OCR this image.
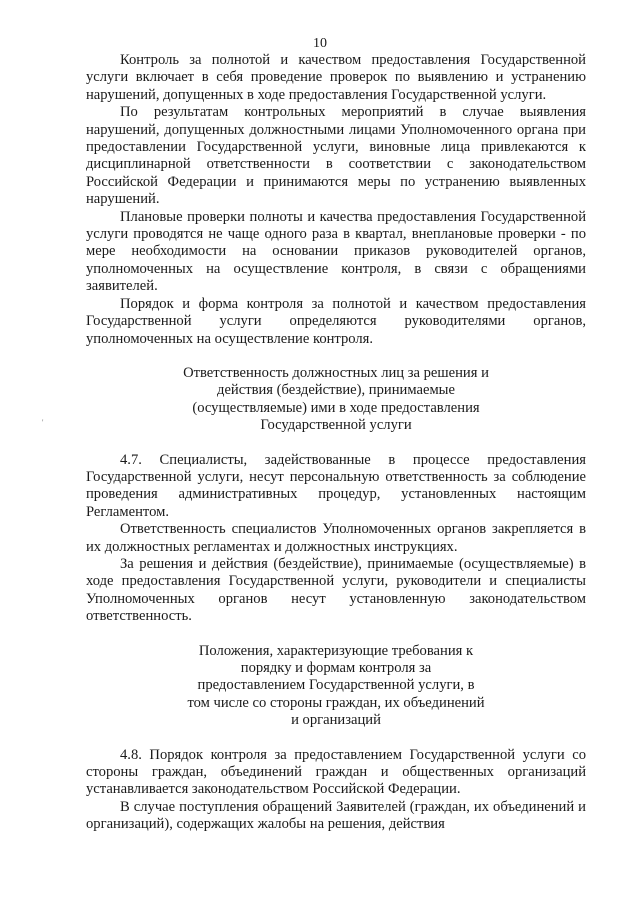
10
'

Контроль за полнотой и качеством предоставления Государственной услуги включает в себя проведение проверок по выявлению и устранению нарушений, допущенных в ходе предоставления Государственной услуги.

По результатам контрольных мероприятий в случае выявления нарушений, допущенных должностными лицами Уполномоченного органа при предоставлении Государственной услуги, виновные лица привлекаются к дисциплинарной ответственности в соответствии с законодательством Российской Федерации и принимаются меры по устранению выявленных нарушений.

Плановые проверки полноты и качества предоставления Государственной услуги проводятся не чаще одного раза в квартал, внеплановые проверки - по мере необходимости на основании приказов руководителей органов, уполномоченных на осуществление контроля, в связи с обращениями заявителей.

Порядок и форма контроля за полнотой и качеством предоставления Государственной услуги определяются руководителями органов, уполномоченных на осуществление контроля.

Ответственность должностных лиц за решения и
действия (бездействие), принимаемые
(осуществляемые) ими в ходе предоставления
Государственной услуги

4.7. Специалисты, задействованные в процессе предоставления Государственной услуги, несут персональную ответственность за соблюдение проведения административных процедур, установленных настоящим Регламентом.

Ответственность специалистов Уполномоченных органов закрепляется в их должностных регламентах и должностных инструкциях.

За решения и действия (бездействие), принимаемые (осуществляемые) в ходе предоставления Государственной услуги, руководители и специалисты Уполномоченных органов несут установленную законодательством ответственность.

Положения, характеризующие требования к
порядку и формам контроля за
предоставлением Государственной услуги, в
том числе со стороны граждан, их объединений
и организаций

4.8. Порядок контроля за предоставлением Государственной услуги со стороны граждан, объединений граждан и общественных организаций устанавливается законодательством Российской Федерации.

В случае поступления обращений Заявителей (граждан, их объединений и организаций), содержащих жалобы на решения, действия
